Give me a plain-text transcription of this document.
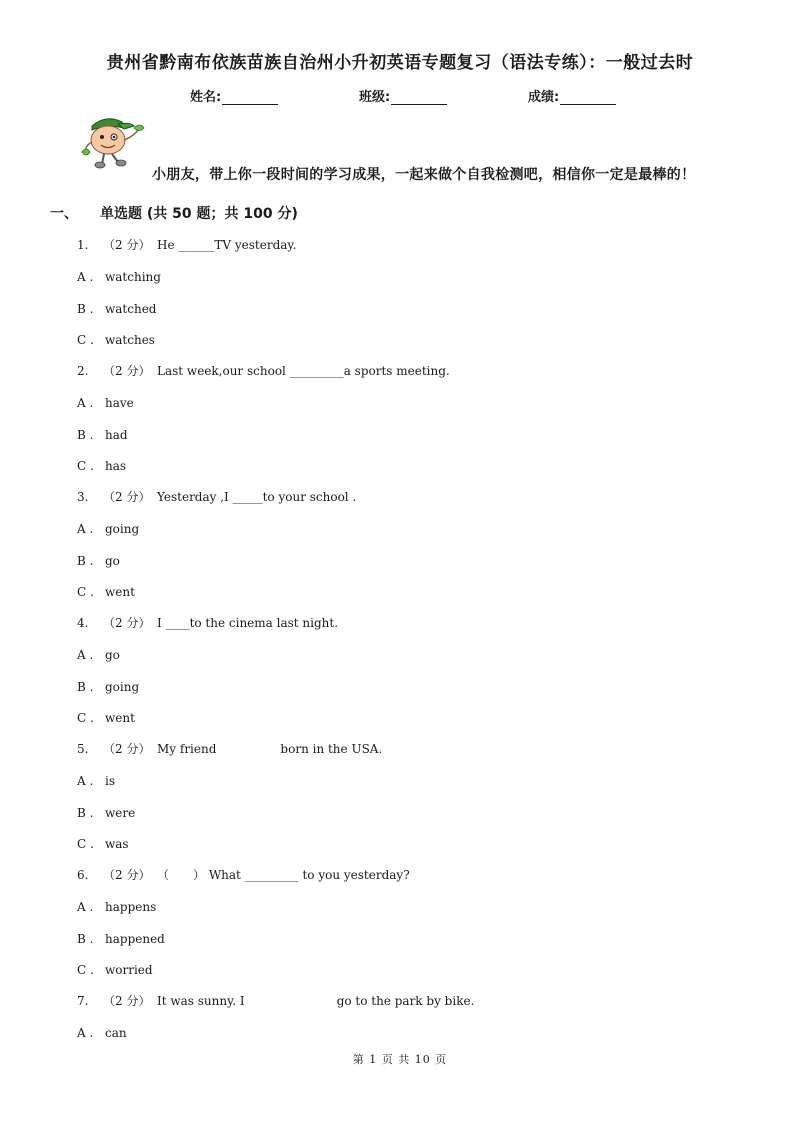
贵州省黔南布依族苗族自治州小升初英语专题复习（语法专练）：一般过去时
姓名:	班级:	成绩:
小朋友，带上你一段时间的学习成果，一起来做个自我检测吧，相信你一定是最棒的！
一、 单选题 (共 50 题；共 100 分)
1. （2 分） He ______TV yesterday.
A . watching
B . watched
C . watches
2. （2 分） Last week,our school _________a sports meeting.
A . have
B . had
C . has
3. （2 分） Yesterday ,I _____to your school .
A . going
B . go
C . went
4. （2 分） I ____to the cinema last night.
A . go
B . going
C . went
5. （2 分） My friend	born in the USA.
A . is
B . were
C . was
6. （2 分） （　　） What _________ to you yesterday?
A . happens
B . happened
C . worried
7. （2 分） It was sunny. I	go to the park by bike.
A . can
第 1 页 共 10 页
